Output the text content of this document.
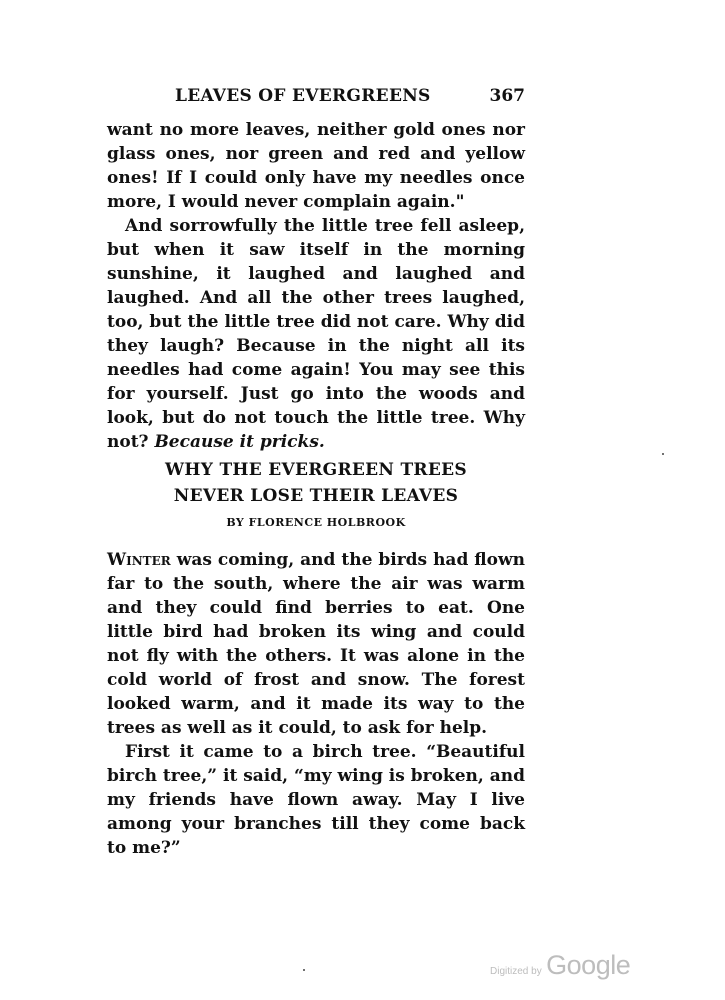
LEAVES OF EVERGREENS	367

want no more leaves, neither gold ones nor glass ones, nor green and red and yellow ones! If I could only have my needles once more, I would never complain again."

And sorrowfully the little tree fell asleep, but when it saw itself in the morning sunshine, it laughed and laughed and laughed. And all the other trees laughed, too, but the little tree did not care. Why did they laugh? Because in the night all its needles had come again! You may see this for yourself. Just go into the woods and look, but do not touch the little tree. Why not? Because it pricks.

WHY THE EVERGREEN TREES
NEVER LOSE THEIR LEAVES
BY FLORENCE HOLBROOK

Winter was coming, and the birds had flown far to the south, where the air was warm and they could find berries to eat. One little bird had broken its wing and could not fly with the others. It was alone in the cold world of frost and snow. The forest looked warm, and it made its way to the trees as well as it could, to ask for help.

First it came to a birch tree. “Beautiful birch tree,” it said, “my wing is broken, and my friends have flown away. May I live among your branches till they come back to me?”

Digitized by Google
